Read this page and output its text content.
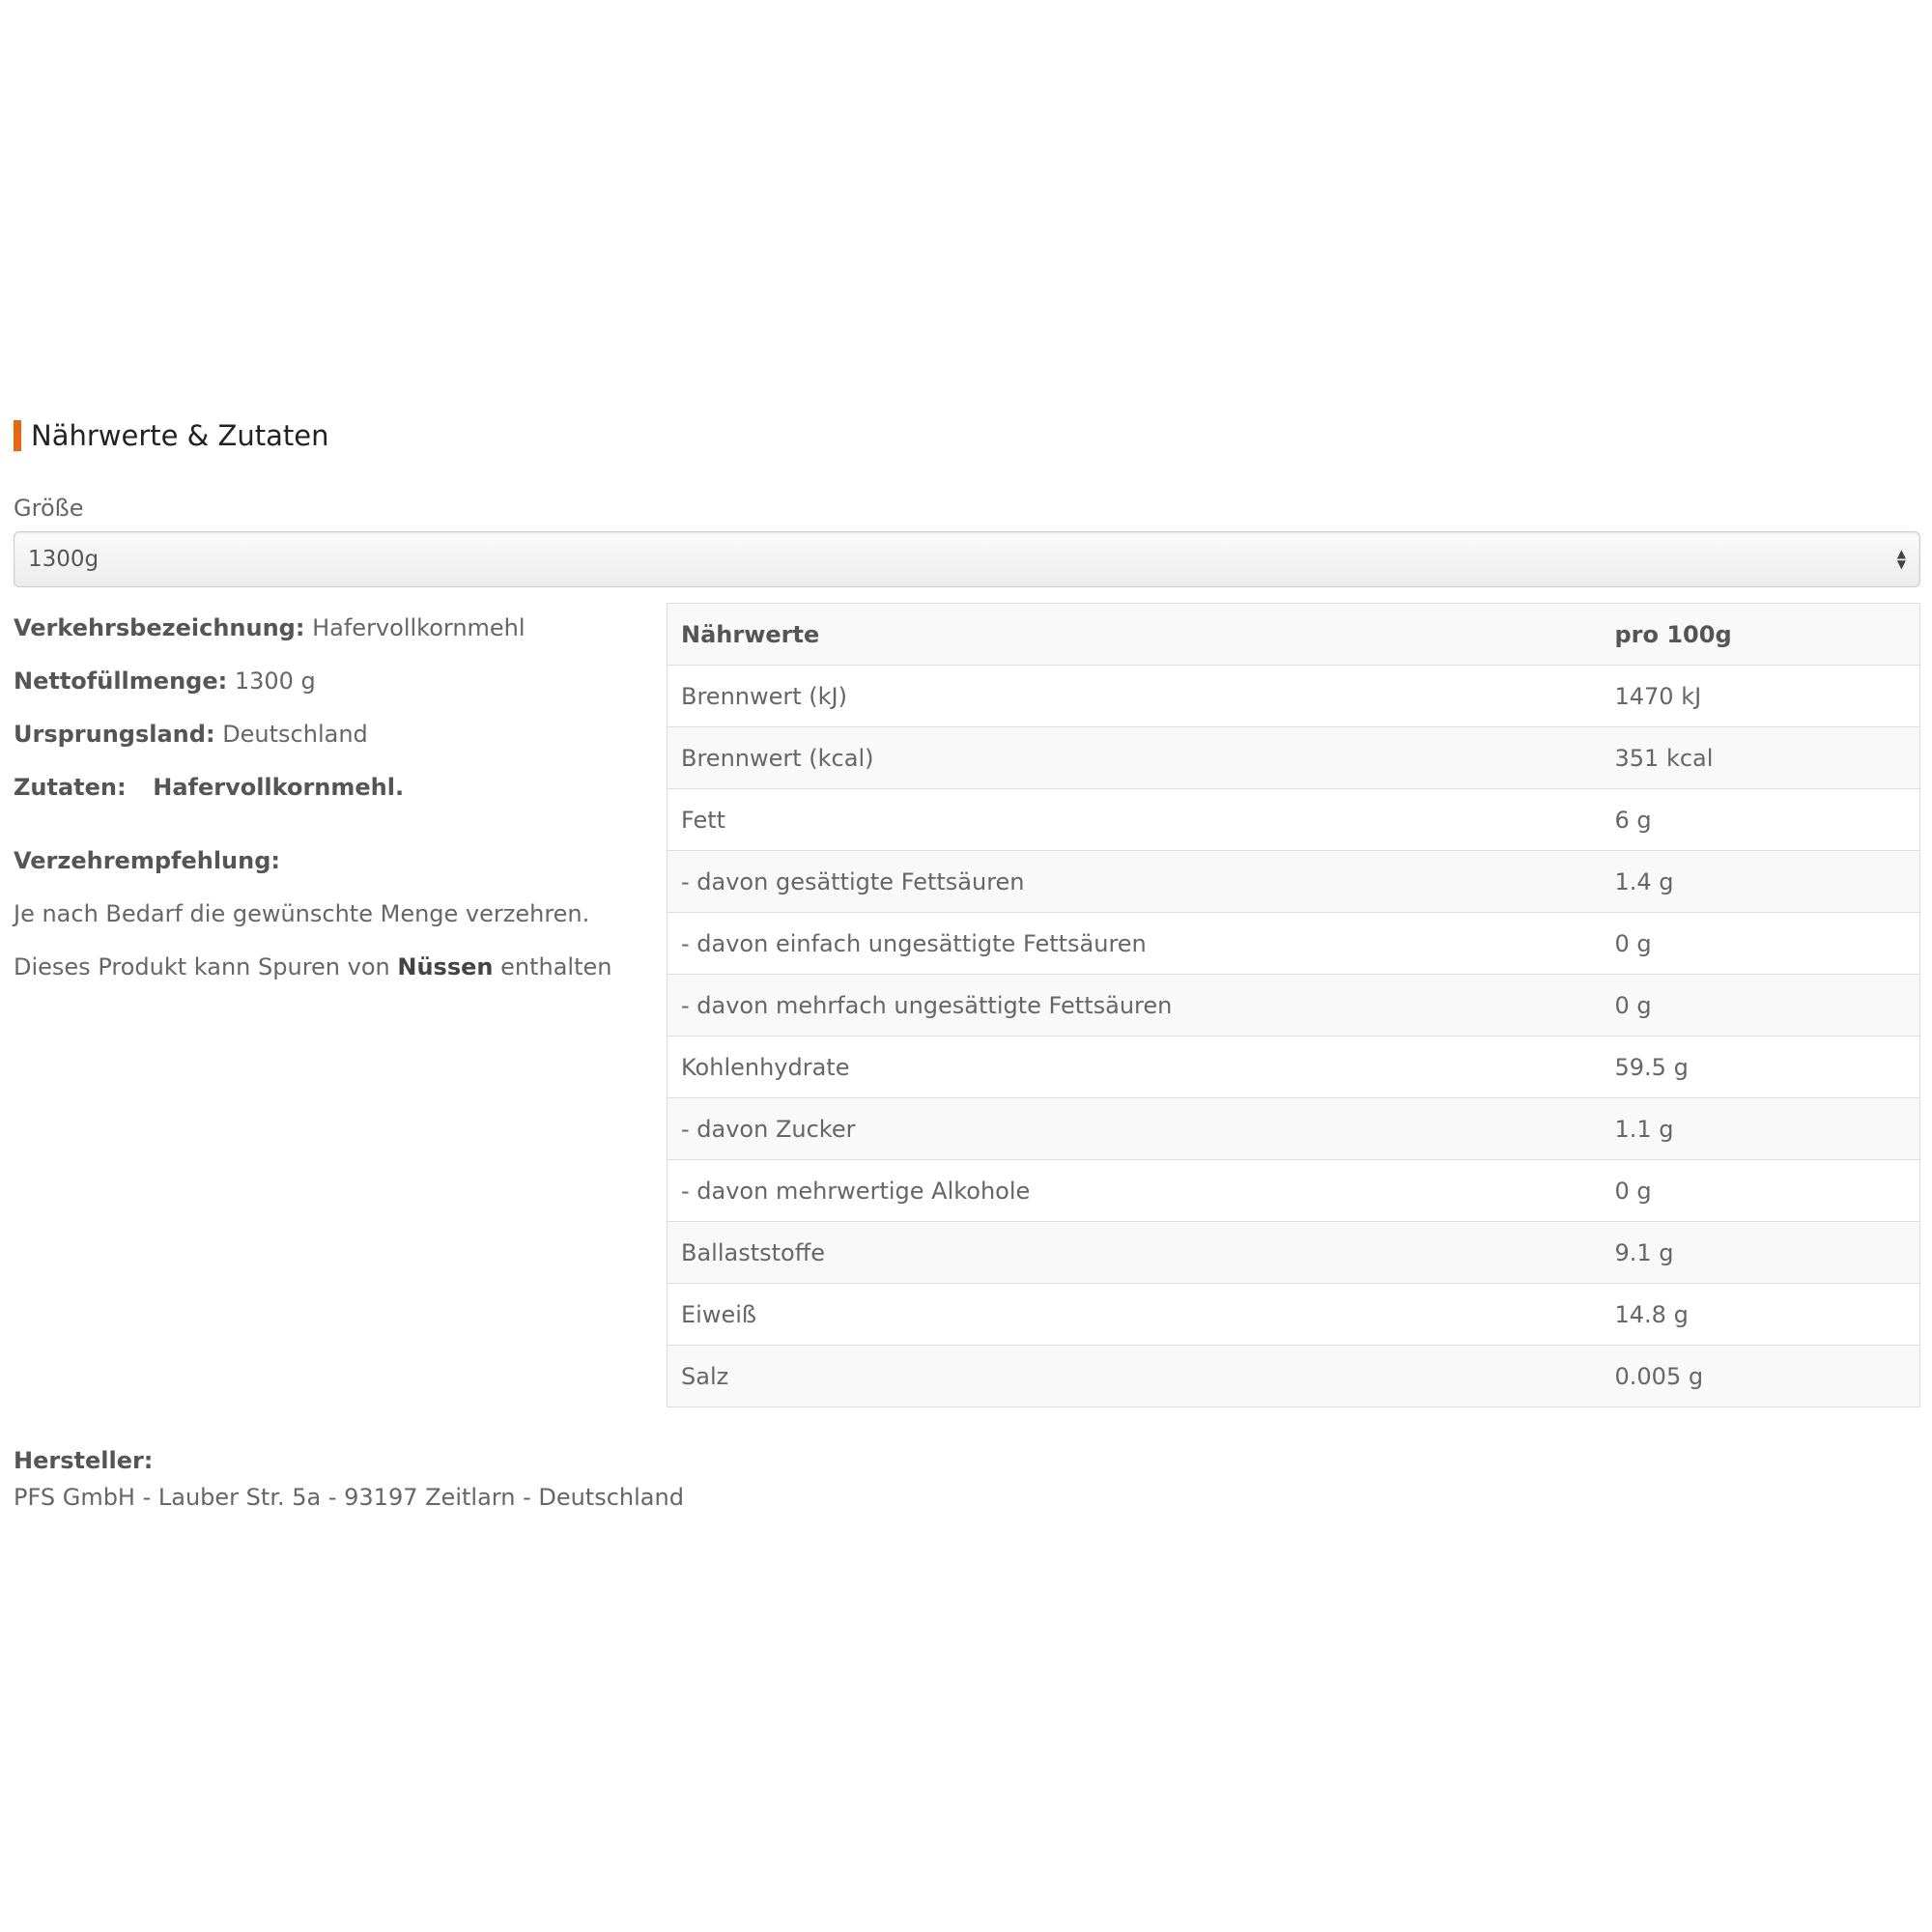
Nährwerte & Zutaten
Größe
1300g	▲
▼

Verkehrsbezeichnung: Hafervollkornmehl

Nettofüllmenge: 1300 g

Ursprungsland: Deutschland

Zutaten: Hafervollkornmehl.

Verzehrempfehlung:
Je nach Bedarf die gewünschte Menge verzehren.
Dieses Produkt kann Spuren von Nüssen enthalten
Nährwerte	pro 100g
Brennwert (kJ)	1470 kJ
Brennwert (kcal)	351 kcal
Fett	6 g
- davon gesättigte Fettsäuren	1.4 g
- davon einfach ungesättigte Fettsäuren	0 g
- davon mehrfach ungesättigte Fettsäuren	0 g
Kohlenhydrate	59.5 g
- davon Zucker	1.1 g
- davon mehrwertige Alkohole	0 g
Ballaststoffe	9.1 g
Eiweiß	14.8 g
Salz	0.005 g
Hersteller:
PFS GmbH - Lauber Str. 5a - 93197 Zeitlarn - Deutschland
